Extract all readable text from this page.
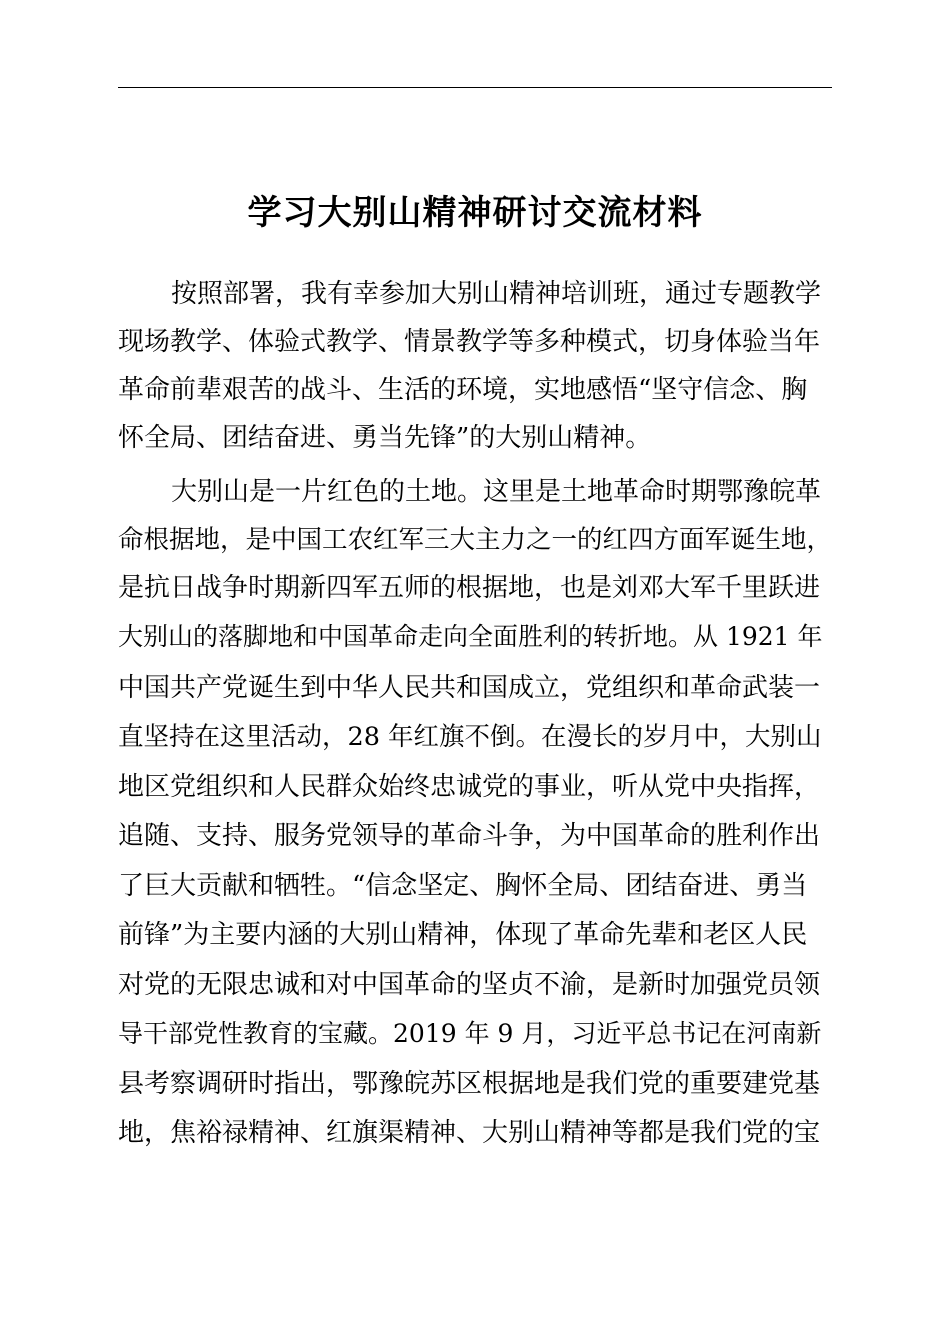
学习大别山精神研讨交流材料
按照部署，我有幸参加大别山精神培训班，通过专题教学
现场教学、体验式教学、情景教学等多种模式，切身体验当年
革命前辈艰苦的战斗、生活的环境，实地感悟“坚守信念、胸
怀全局、团结奋进、勇当先锋”的大别山精神。
大别山是一片红色的土地。这里是土地革命时期鄂豫皖革
命根据地，是中国工农红军三大主力之一的红四方面军诞生地，
是抗日战争时期新四军五师的根据地，也是刘邓大军千里跃进
大别山的落脚地和中国革命走向全面胜利的转折地。从 1921 年
中国共产党诞生到中华人民共和国成立，党组织和革命武装一
直坚持在这里活动，28 年红旗不倒。在漫长的岁月中，大别山
地区党组织和人民群众始终忠诚党的事业，听从党中央指挥，
追随、支持、服务党领导的革命斗争，为中国革命的胜利作出
了巨大贡献和牺牲。“信念坚定、胸怀全局、团结奋进、勇当
前锋”为主要内涵的大别山精神，体现了革命先辈和老区人民
对党的无限忠诚和对中国革命的坚贞不渝，是新时加强党员领
导干部党性教育的宝藏。2019 年 9 月，习近平总书记在河南新
县考察调研时指出，鄂豫皖苏区根据地是我们党的重要建党基
地，焦裕禄精神、红旗渠精神、大别山精神等都是我们党的宝
